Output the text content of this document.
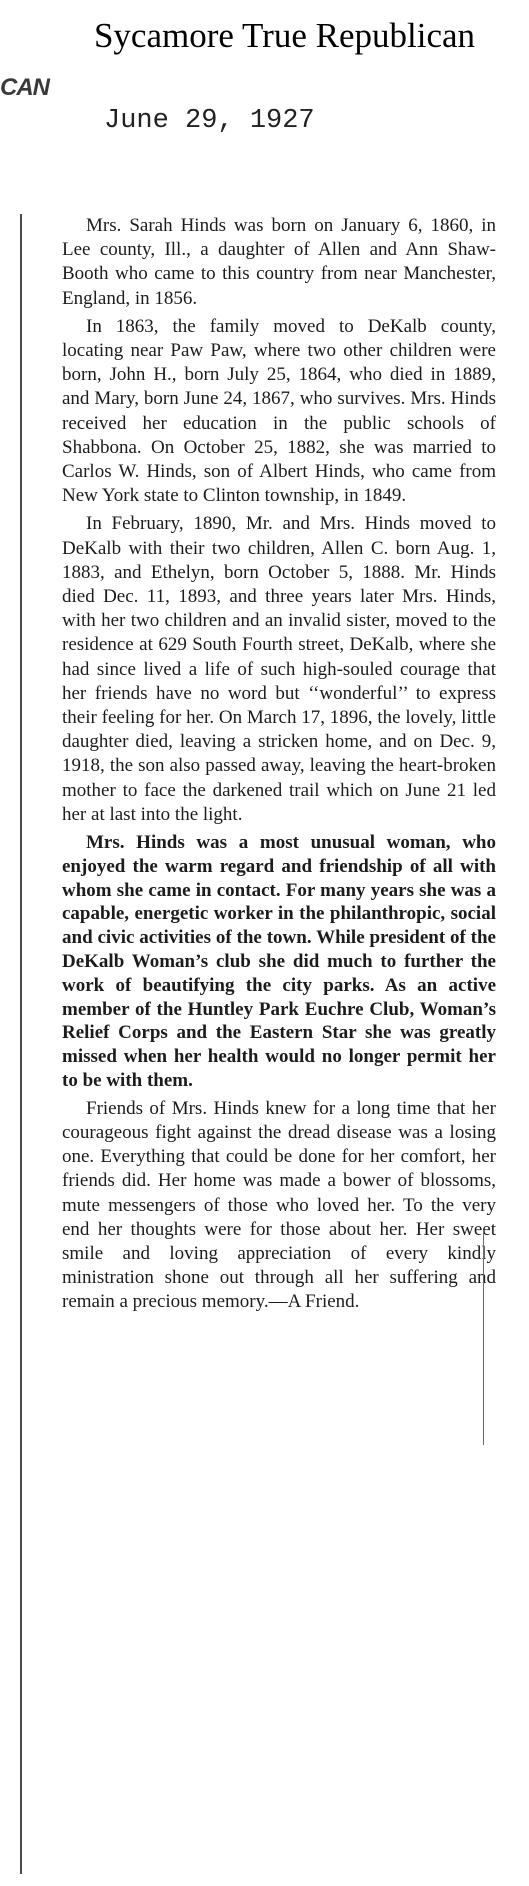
Sycamore True Republican
CAN
June 29, 1927

Mrs. Sarah Hinds was born on January 6, 1860, in Lee county, Ill., a daughter of Allen and Ann Shaw-Booth who came to this country from near Manchester, England, in 1856.

In 1863, the family moved to DeKalb county, locating near Paw Paw, where two other children were born, John H., born July 25, 1864, who died in 1889, and Mary, born June 24, 1867, who survives. Mrs. Hinds received her education in the public schools of Shabbona. On October 25, 1882, she was married to Carlos W. Hinds, son of Albert Hinds, who came from New York state to Clinton township, in 1849.

In February, 1890, Mr. and Mrs. Hinds moved to DeKalb with their two children, Allen C. born Aug. 1, 1883, and Ethelyn, born October 5, 1888. Mr. Hinds died Dec. 11, 1893, and three years later Mrs. Hinds, with her two children and an invalid sister, moved to the residence at 629 South Fourth street, DeKalb, where she had since lived a life of such high-souled courage that her friends have no word but ‘‘wonderful’’ to express their feeling for her. On March 17, 1896, the lovely, little daughter died, leaving a stricken home, and on Dec. 9, 1918, the son also passed away, leaving the heart-broken mother to face the darkened trail which on June 21 led her at last into the light.

Mrs. Hinds was a most unusual woman, who enjoyed the warm regard and friendship of all with whom she came in contact. For many years she was a capable, energetic worker in the philanthropic, social and civic activities of the town. While president of the DeKalb Woman’s club she did much to further the work of beautifying the city parks. As an active member of the Huntley Park Euchre Club, Woman’s Relief Corps and the Eastern Star she was greatly missed when her health would no longer permit her to be with them.

Friends of Mrs. Hinds knew for a long time that her courageous fight against the dread disease was a losing one. Everything that could be done for her comfort, her friends did. Her home was made a bower of blossoms, mute messengers of those who loved her. To the very end her thoughts were for those about her. Her sweet smile and loving appreciation of every kindly ministration shone out through all her suffering and remain a precious memory.—A Friend.
